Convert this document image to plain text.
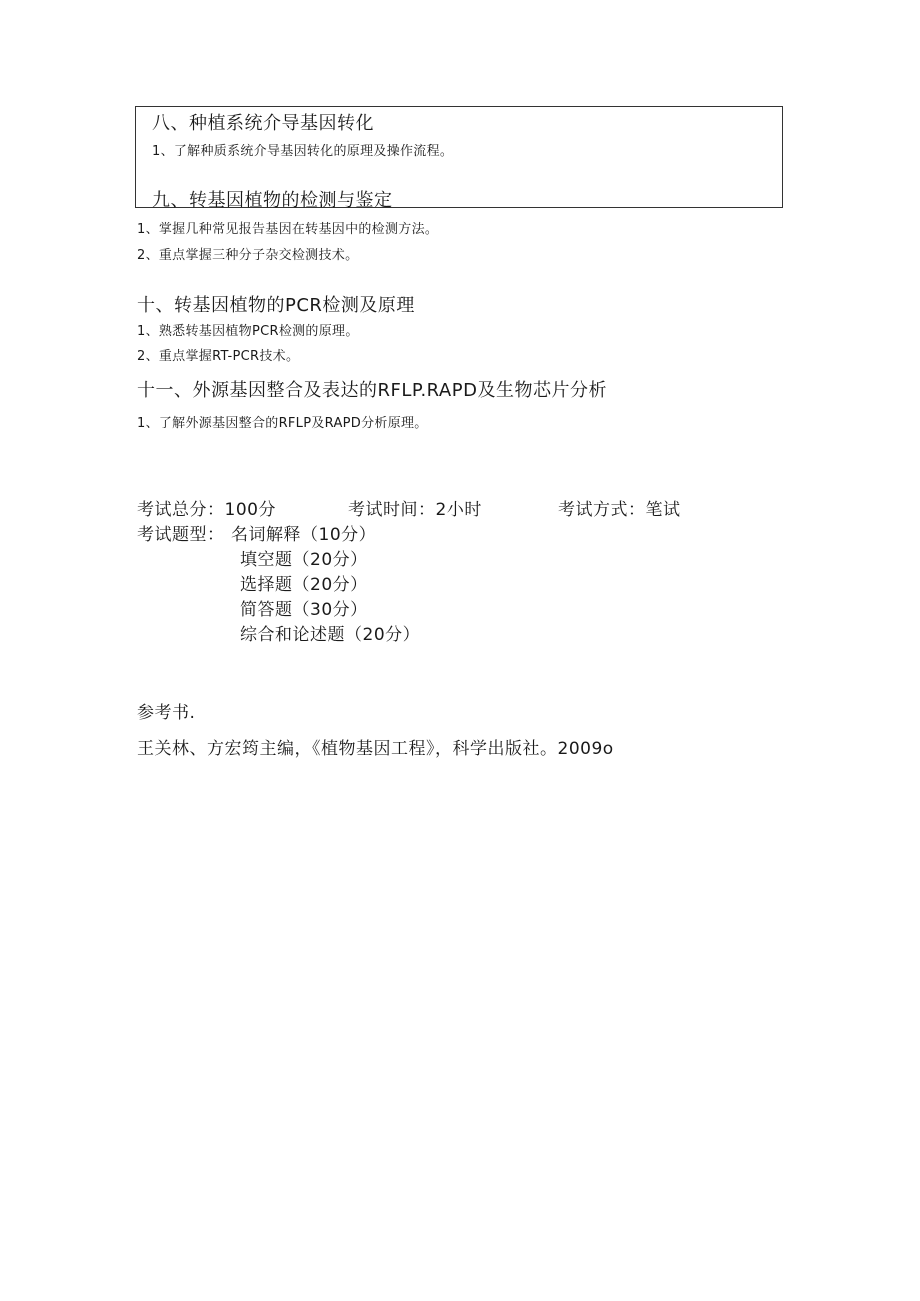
八、种植系统介导基因转化
1、了解种质系统介导基因转化的原理及操作流程。
九、转基因植物的检测与鉴定
1、掌握几种常见报告基因在转基因中的检测方法。
2、重点掌握三种分子杂交检测技术。
十、转基因植物的PCR检测及原理
1、熟悉转基因植物PCR检测的原理。
2、重点掌握RT-PCR技术。
十一、外源基因整合及表达的RFLP.RAPD及生物芯片分析
1、了解外源基因整合的RFLP及RAPD分析原理。
考试总分：100分	考试时间：2小时	考试方式：笔试
考试题型： 名词解释（10分）
填空题（20分）
选择题（20分）
简答题（30分）
综合和论述题（20分）
参考书.
王关林、方宏筠主编，《植物基因工程》，科学出版社。2009o
